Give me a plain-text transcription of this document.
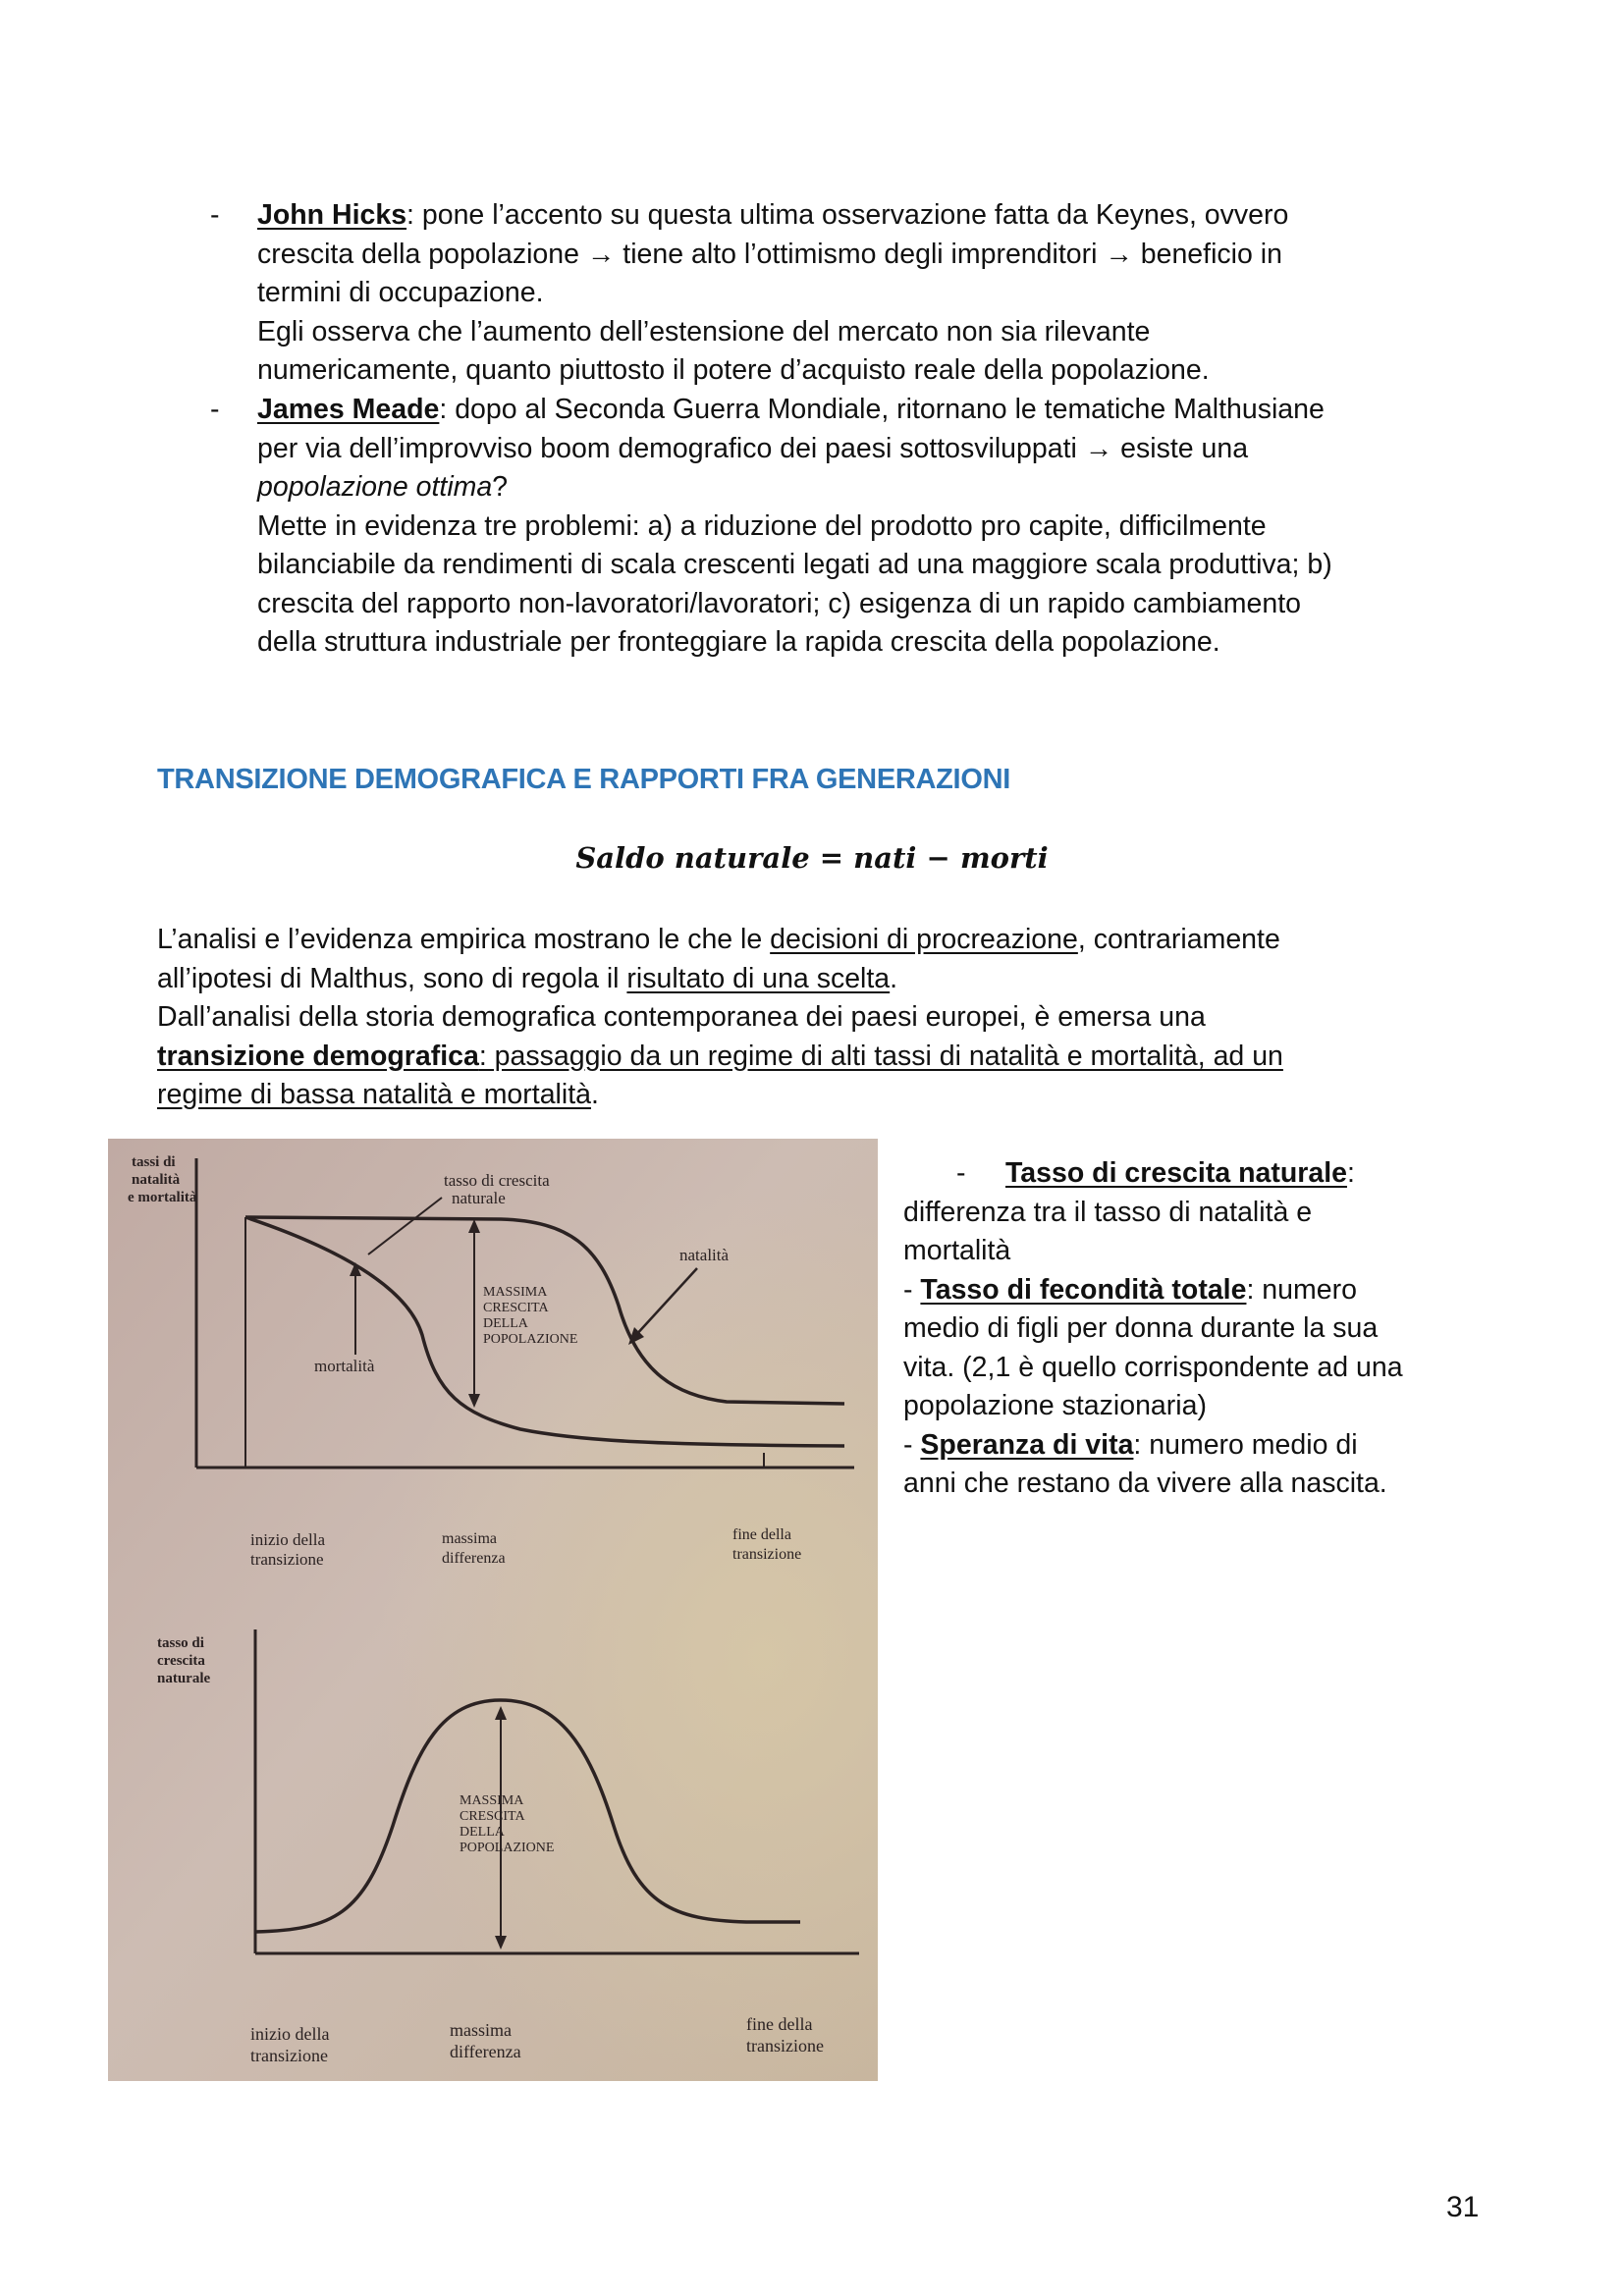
-	John Hicks: pone l’accento su questa ultima osservazione fatta da Keynes, ovvero
crescita della popolazione → tiene alto l’ottimismo degli imprenditori → beneficio in
termini di occupazione.
Egli osserva che l’aumento dell’estensione del mercato non sia rilevante
numericamente, quanto piuttosto il potere d’acquisto reale della popolazione.
-	James Meade: dopo al Seconda Guerra Mondiale, ritornano le tematiche Malthusiane
per via dell’improvviso boom demografico dei paesi sottosviluppati → esiste una
popolazione ottima?
Mette in evidenza tre problemi: a) a riduzione del prodotto pro capite, difficilmente
bilanciabile da rendimenti di scala crescenti legati ad una maggiore scala produttiva; b)
crescita del rapporto non-lavoratori/lavoratori; c) esigenza di un rapido cambiamento
della struttura industriale per fronteggiare la rapida crescita della popolazione.
TRANSIZIONE DEMOGRAFICA E RAPPORTI FRA GENERAZIONI
Saldo naturale = nati − morti
L’analisi e l’evidenza empirica mostrano le che le decisioni di procreazione, contrariamente
all’ipotesi di Malthus, sono di regola il risultato di una scelta.
Dall’analisi della storia demografica contemporanea dei paesi europei, è emersa una
transizione demografica: passaggio da un regime di alti tassi di natalità e mortalità, ad un
regime di bassa natalità e mortalità.
tassi di
natalità
e mortalità
tasso di crescita
naturale
natalità
mortalità
MASSIMA
CRESCITA
DELLA
POPOLAZIONE
inizio della
transizione
massima
differenza
fine della
transizione
tasso di
crescita
naturale
MASSIMA
CRESCITA
DELLA
POPOLAZIONE
inizio della
transizione
massima
differenza
fine della
transizione
- Tasso di crescita naturale:
differenza tra il tasso di natalità e
mortalità
- Tasso di fecondità totale: numero
medio di figli per donna durante la sua
vita. (2,1 è quello corrispondente ad una
popolazione stazionaria)
- Speranza di vita: numero medio di
anni che restano da vivere alla nascita.
31
